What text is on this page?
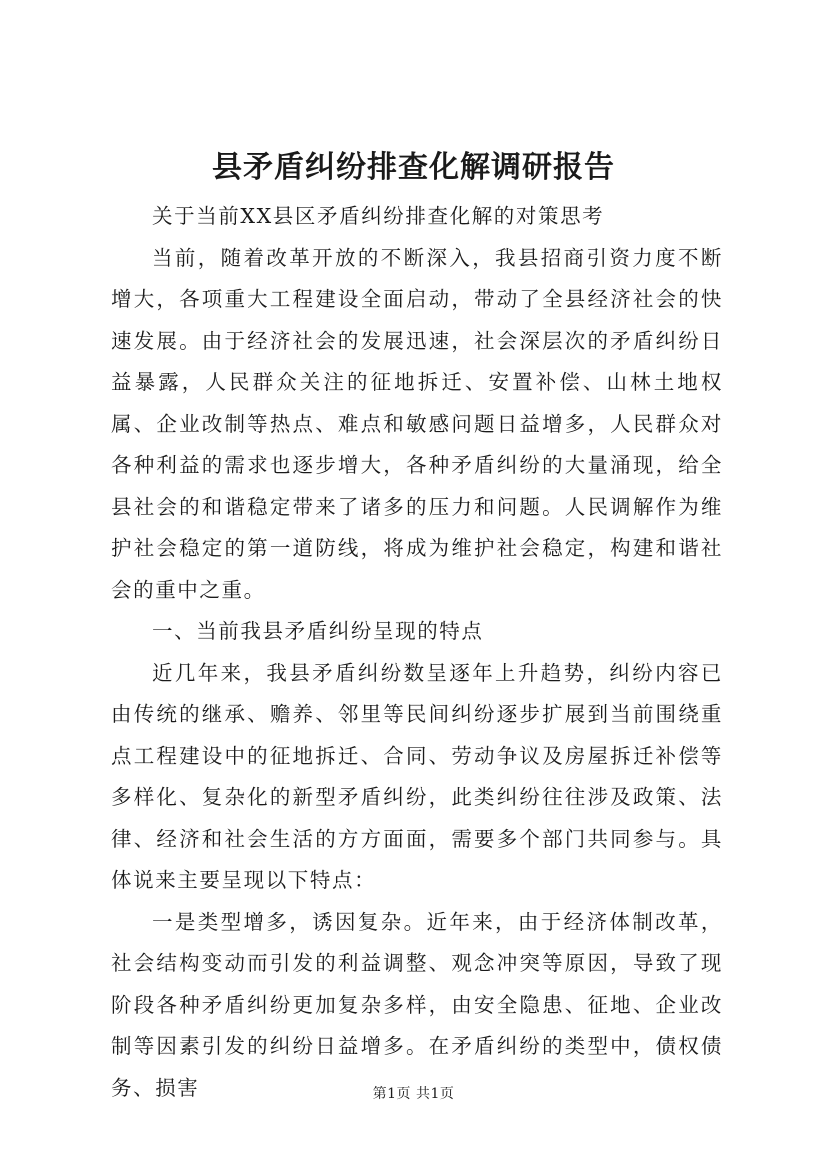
县矛盾纠纷排查化解调研报告

关于当前XX县区矛盾纠纷排查化解的对策思考

当前，随着改革开放的不断深入，我县招商引资力度不断增大，各项重大工程建设全面启动，带动了全县经济社会的快速发展。由于经济社会的发展迅速，社会深层次的矛盾纠纷日益暴露，人民群众关注的征地拆迁、安置补偿、山林土地权属、企业改制等热点、难点和敏感问题日益增多，人民群众对各种利益的需求也逐步增大，各种矛盾纠纷的大量涌现，给全县社会的和谐稳定带来了诸多的压力和问题。人民调解作为维护社会稳定的第一道防线，将成为维护社会稳定，构建和谐社会的重中之重。

一、当前我县矛盾纠纷呈现的特点

近几年来，我县矛盾纠纷数呈逐年上升趋势，纠纷内容已由传统的继承、赡养、邻里等民间纠纷逐步扩展到当前围绕重点工程建设中的征地拆迁、合同、劳动争议及房屋拆迁补偿等多样化、复杂化的新型矛盾纠纷，此类纠纷往往涉及政策、法律、经济和社会生活的方方面面，需要多个部门共同参与。具体说来主要呈现以下特点：

一是类型增多，诱因复杂。近年来，由于经济体制改革，社会结构变动而引发的利益调整、观念冲突等原因，导致了现阶段各种矛盾纠纷更加复杂多样，由安全隐患、征地、企业改制等因素引发的纠纷日益增多。在矛盾纠纷的类型中，债权债务、损害	第1页 共1页
